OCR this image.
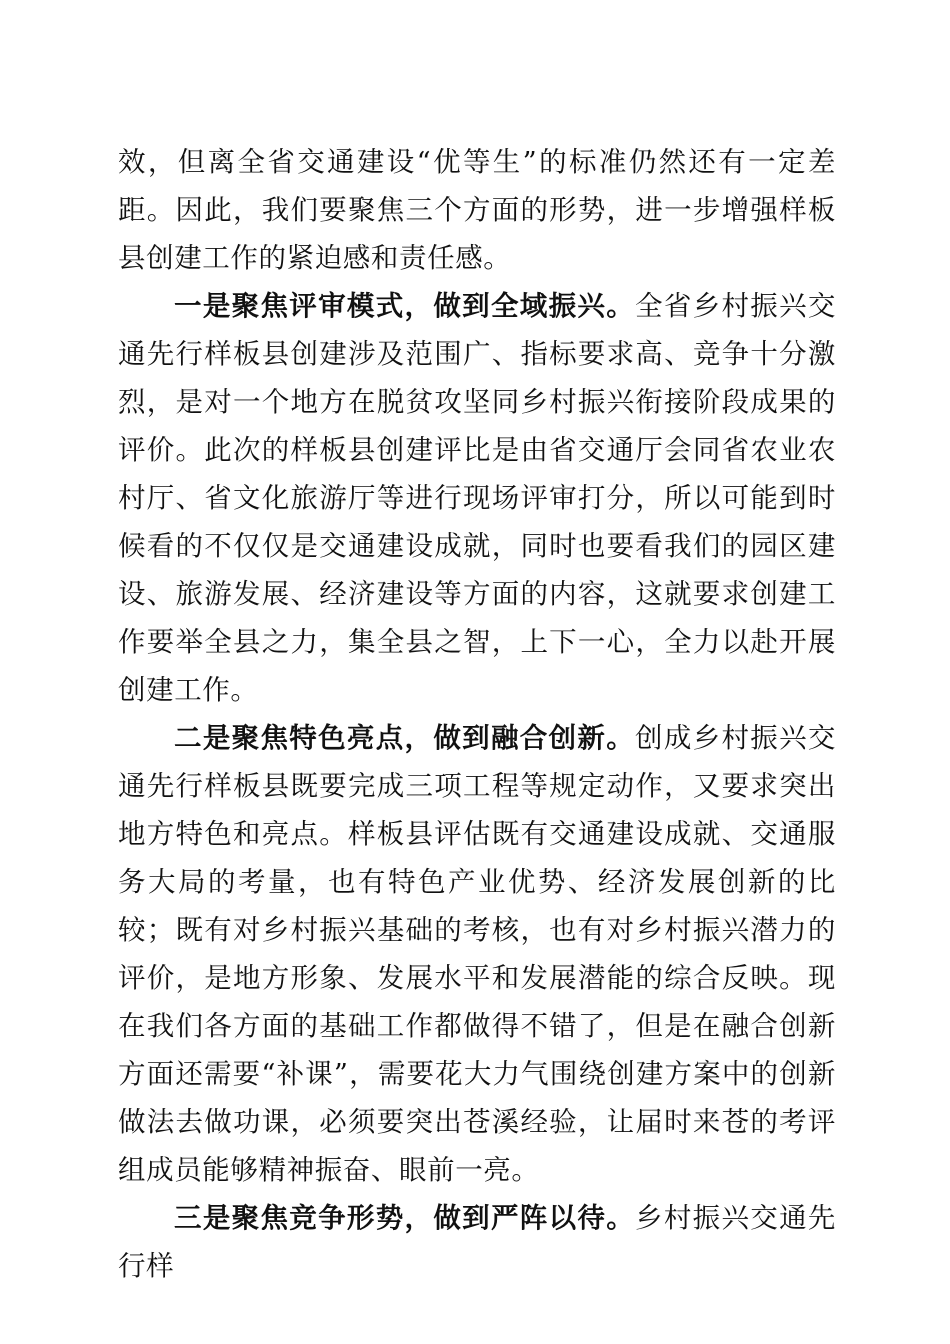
效，但离全省交通建设“优等生”的标准仍然还有一定差距。因此，我们要聚焦三个方面的形势，进一步增强样板县创建工作的紧迫感和责任感。

一是聚焦评审模式，做到全域振兴。全省乡村振兴交通先行样板县创建涉及范围广、指标要求高、竞争十分激烈，是对一个地方在脱贫攻坚同乡村振兴衔接阶段成果的评价。此次的样板县创建评比是由省交通厅会同省农业农村厅、省文化旅游厅等进行现场评审打分，所以可能到时候看的不仅仅是交通建设成就，同时也要看我们的园区建设、旅游发展、经济建设等方面的内容，这就要求创建工作要举全县之力，集全县之智，上下一心，全力以赴开展创建工作。

二是聚焦特色亮点，做到融合创新。创成乡村振兴交通先行样板县既要完成三项工程等规定动作，又要求突出地方特色和亮点。样板县评估既有交通建设成就、交通服务大局的考量，也有特色产业优势、经济发展创新的比较；既有对乡村振兴基础的考核，也有对乡村振兴潜力的评价，是地方形象、发展水平和发展潜能的综合反映。现在我们各方面的基础工作都做得不错了，但是在融合创新方面还需要“补课”，需要花大力气围绕创建方案中的创新做法去做功课，必须要突出苍溪经验，让届时来苍的考评组成员能够精神振奋、眼前一亮。

三是聚焦竞争形势，做到严阵以待。乡村振兴交通先行样
